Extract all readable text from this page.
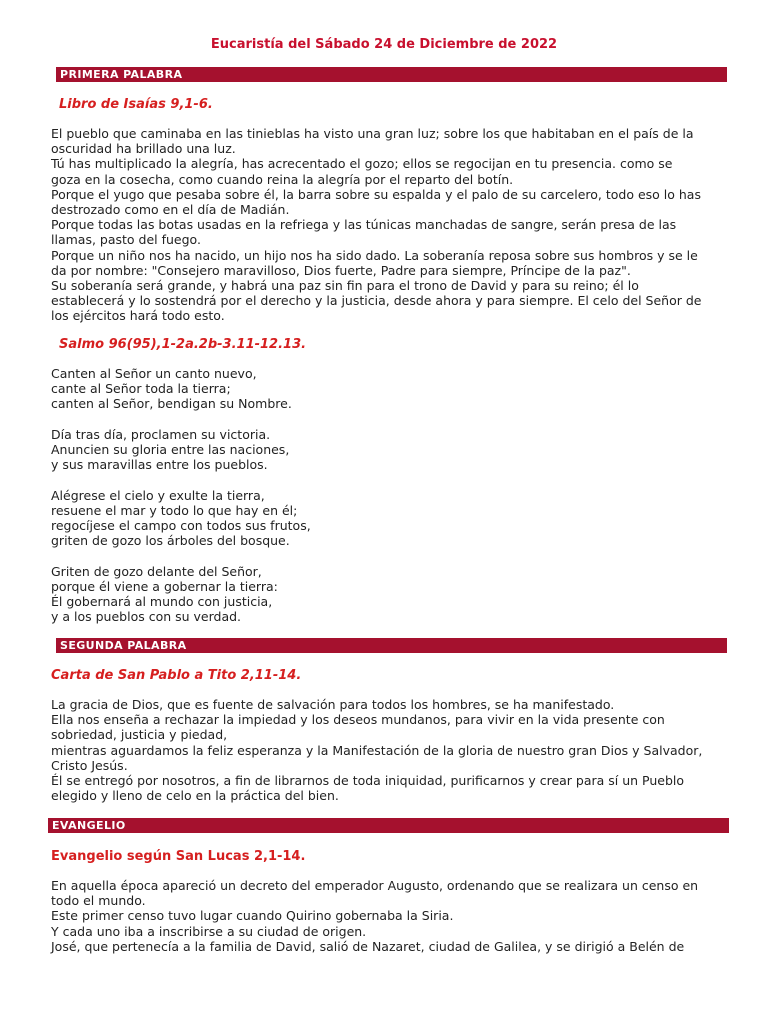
Eucaristía del Sábado 24 de Diciembre de 2022
PRIMERA PALABRA
Libro de Isaías 9,1-6.
El pueblo que caminaba en las tinieblas ha visto una gran luz; sobre los que habitaban en el país de la
oscuridad ha brillado una luz.
Tú has multiplicado la alegría, has acrecentado el gozo; ellos se regocijan en tu presencia. como se
goza en la cosecha, como cuando reina la alegría por el reparto del botín.
Porque el yugo que pesaba sobre él, la barra sobre su espalda y el palo de su carcelero, todo eso lo has
destrozado como en el día de Madián.
Porque todas las botas usadas en la refriega y las túnicas manchadas de sangre, serán presa de las
llamas, pasto del fuego.
Porque un niño nos ha nacido, un hijo nos ha sido dado. La soberanía reposa sobre sus hombros y se le
da por nombre: "Consejero maravilloso, Dios fuerte, Padre para siempre, Príncipe de la paz".
Su soberanía será grande, y habrá una paz sin fin para el trono de David y para su reino; él lo
establecerá y lo sostendrá por el derecho y la justicia, desde ahora y para siempre. El celo del Señor de
los ejércitos hará todo esto.
Salmo 96(95),1-2a.2b-3.11-12.13.
Canten al Señor un canto nuevo,
cante al Señor toda la tierra;
canten al Señor, bendigan su Nombre.
Día tras día, proclamen su victoria.
Anuncien su gloria entre las naciones,
y sus maravillas entre los pueblos.
Alégrese el cielo y exulte la tierra,
resuene el mar y todo lo que hay en él;
regocíjese el campo con todos sus frutos,
griten de gozo los árboles del bosque.
Griten de gozo delante del Señor,
porque él viene a gobernar la tierra:
Él gobernará al mundo con justicia,
y a los pueblos con su verdad.
SEGUNDA PALABRA
Carta de San Pablo a Tito 2,11-14.
La gracia de Dios, que es fuente de salvación para todos los hombres, se ha manifestado.
Ella nos enseña a rechazar la impiedad y los deseos mundanos, para vivir en la vida presente con
sobriedad, justicia y piedad,
mientras aguardamos la feliz esperanza y la Manifestación de la gloria de nuestro gran Dios y Salvador,
Cristo Jesús.
Él se entregó por nosotros, a fin de librarnos de toda iniquidad, purificarnos y crear para sí un Pueblo
elegido y lleno de celo en la práctica del bien.
EVANGELIO
Evangelio según San Lucas 2,1-14.
En aquella época apareció un decreto del emperador Augusto, ordenando que se realizara un censo en
todo el mundo.
Este primer censo tuvo lugar cuando Quirino gobernaba la Siria.
Y cada uno iba a inscribirse a su ciudad de origen.
José, que pertenecía a la familia de David, salió de Nazaret, ciudad de Galilea, y se dirigió a Belén de
